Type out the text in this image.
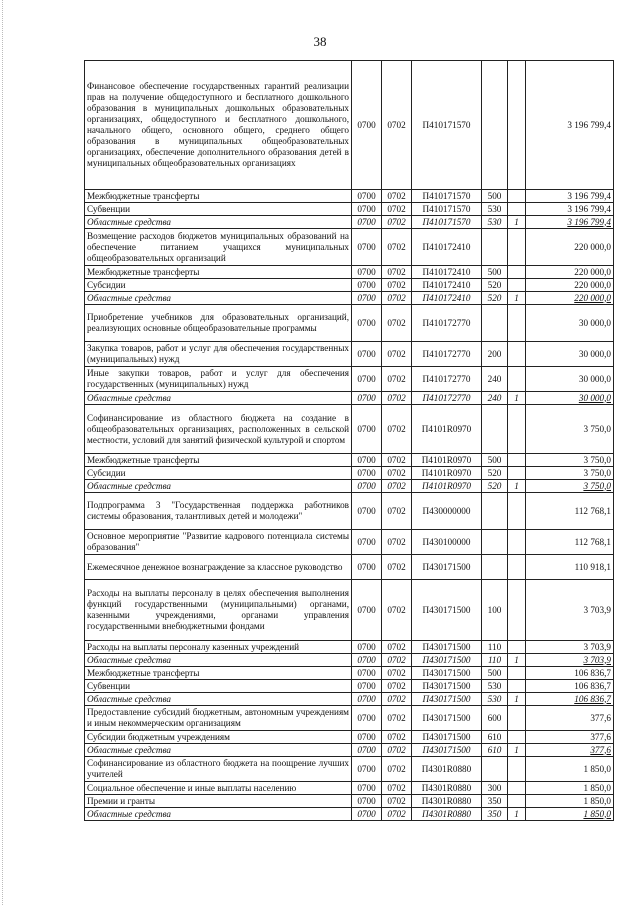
38
Финансовое обеспечение государственных гарантий реализации прав на получение общедоступного и бесплатного дошкольного образования в муниципальных дошкольных образовательных организациях, общедоступного и бесплатного дошкольного, начального общего, основного общего, среднего общего образования в муниципальных общеобразовательных организациях, обеспечение дополнительного образования детей в муниципальных общеобразовательных организациях	0700	0702	П410171570			3 196 799,4
Межбюджетные трансферты	0700	0702	П410171570	500		3 196 799,4
Субвенции	0700	0702	П410171570	530		3 196 799,4
Областные средства	0700	0702	П410171570	530	1	3 196 799,4
Возмещение расходов бюджетов муниципальных образований на обеспечение питанием учащихся муниципальных общеобразовательных организаций	0700	0702	П410172410			220 000,0
Межбюджетные трансферты	0700	0702	П410172410	500		220 000,0
Субсидии	0700	0702	П410172410	520		220 000,0
Областные средства	0700	0702	П410172410	520	1	220 000,0
Приобретение учебников для образовательных организаций, реализующих основные общеобразовательные программы	0700	0702	П410172770			30 000,0
Закупка товаров, работ и услуг для обеспечения государственных (муниципальных) нужд	0700	0702	П410172770	200		30 000,0
Иные закупки товаров, работ и услуг для обеспечения государственных (муниципальных) нужд	0700	0702	П410172770	240		30 000,0
Областные средства	0700	0702	П410172770	240	1	30 000,0
Софинансирование из областного бюджета на создание в общеобразовательных организациях, расположенных в сельской местности, условий для занятий физической культурой и спортом	0700	0702	П4101R0970			3 750,0
Межбюджетные трансферты	0700	0702	П4101R0970	500		3 750,0
Субсидии	0700	0702	П4101R0970	520		3 750,0
Областные средства	0700	0702	П4101R0970	520	1	3 750,0
Подпрограмма 3 "Государственная поддержка работников системы образования, талантливых детей и молодежи"	0700	0702	П430000000			112 768,1
Основное мероприятие "Развитие кадрового потенциала системы образования"	0700	0702	П430100000			112 768,1
Ежемесячное денежное вознаграждение за классное руководство	0700	0702	П430171500			110 918,1
Расходы на выплаты персоналу в целях обеспечения выполнения функций государственными (муниципальными) органами, казенными учреждениями, органами управления государственными внебюджетными фондами	0700	0702	П430171500	100		3 703,9
Расходы на выплаты персоналу казенных учреждений	0700	0702	П430171500	110		3 703,9
Областные средства	0700	0702	П430171500	110	1	3 703,9
Межбюджетные трансферты	0700	0702	П430171500	500		106 836,7
Субвенции	0700	0702	П430171500	530		106 836,7
Областные средства	0700	0702	П430171500	530	1	106 836,7
Предоставление субсидий бюджетным, автономным учреждениям и иным некоммерческим организациям	0700	0702	П430171500	600		377,6
Субсидии бюджетным учреждениям	0700	0702	П430171500	610		377,6
Областные средства	0700	0702	П430171500	610	1	377,6
Софинансирование из областного бюджета на поощрение лучших учителей	0700	0702	П4301R0880			1 850,0
Социальное обеспечение и иные выплаты населению	0700	0702	П4301R0880	300		1 850,0
Премии и гранты	0700	0702	П4301R0880	350		1 850,0
Областные средства	0700	0702	П4301R0880	350	1	1 850,0
